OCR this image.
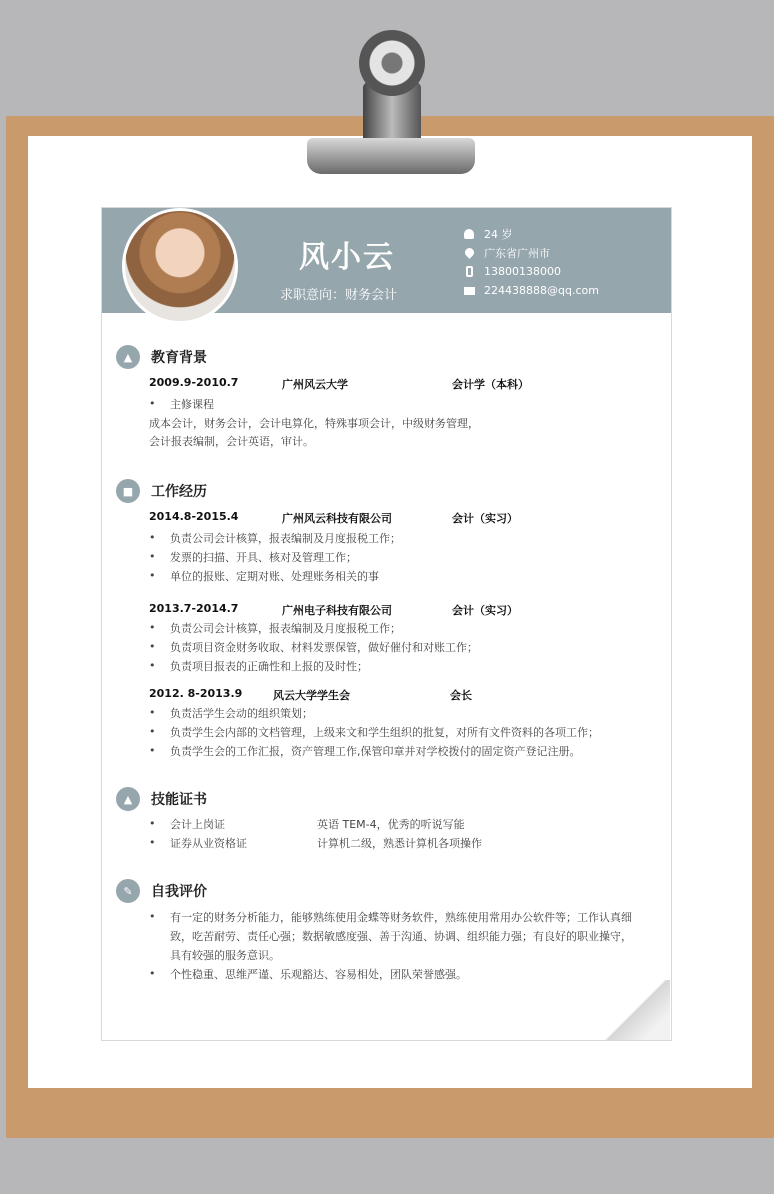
风小云
求职意向：财务会计
24 岁
广东省广州市
13800138000
224438888@qq.com
▲	教育背景
2009.9-2010.7	广州风云大学	会计学（本科）
• 主修课程
成本会计，财务会计，会计电算化，特殊事项会计，中级财务管理，
会计报表编制，会计英语，审计。
■	工作经历
2014.8-2015.4	广州风云科技有限公司	会计（实习）
• 负责公司会计核算，报表编制及月度报税工作；
• 发票的扫描、开具、核对及管理工作；
• 单位的报账、定期对账、处理账务相关的事
2013.7-2014.7	广州电子科技有限公司	会计（实习）
• 负责公司会计核算，报表编制及月度报税工作；
• 负责项目资金财务收取、材料发票保管，做好催付和对账工作；
• 负责项目报表的正确性和上报的及时性；
2012. 8-2013.9	风云大学学生会	会长
• 负责活学生会动的组织策划；
• 负责学生会内部的文档管理，上级来文和学生组织的批复，对所有文件资料的各项工作；
• 负责学生会的工作汇报，资产管理工作,保管印章并对学校拨付的固定资产登记注册。
▲	技能证书
• 会计上岗证	英语 TEM-4，优秀的听说写能
• 证券从业资格证	计算机二级，熟悉计算机各项操作
✎	自我评价
• 有一定的财务分析能力，能够熟练使用金蝶等财务软件，熟练使用常用办公软件等；工作认真细
致，吃苦耐劳、责任心强；数据敏感度强、善于沟通、协调、组织能力强；有良好的职业操守，
具有较强的服务意识。
• 个性稳重、思维严谨、乐观豁达、容易相处，团队荣誉感强。
